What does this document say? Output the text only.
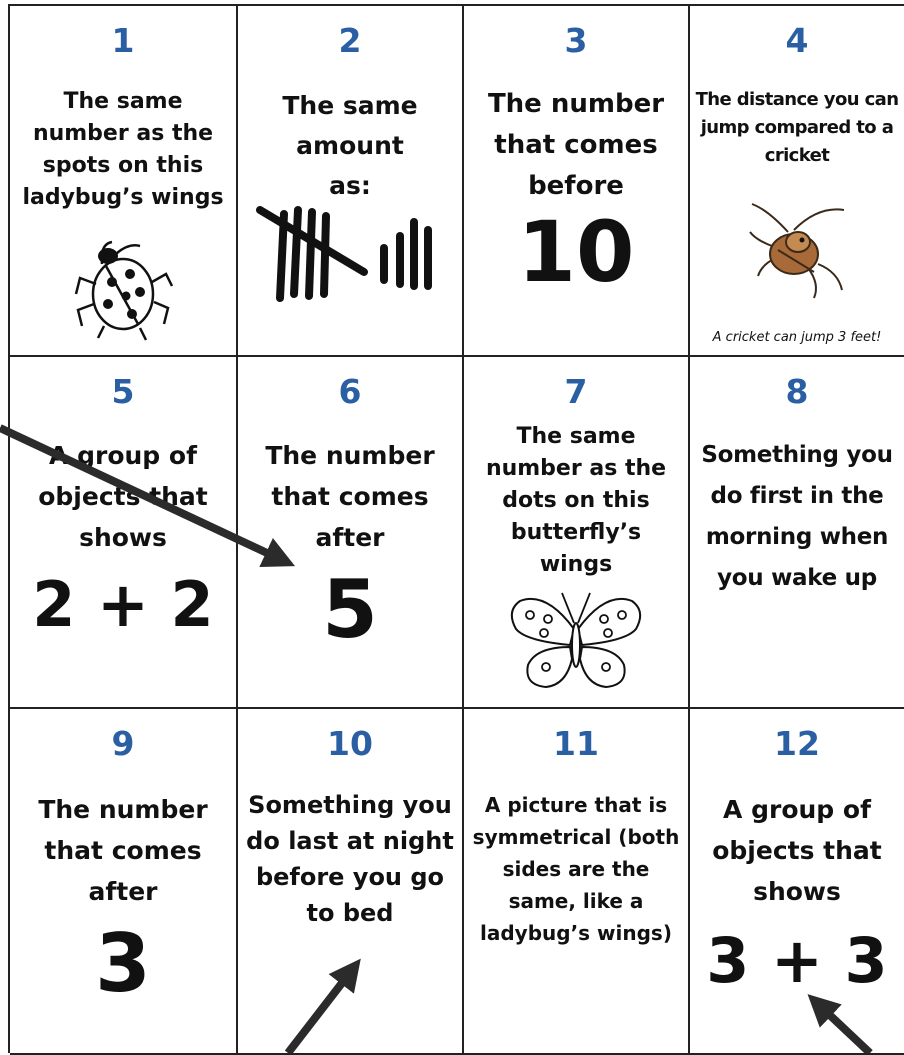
1
The same number as the spots on this ladybug’s wings
2
The same amount as:
3
The number that comes before
10
4
The distance you can jump compared to a cricket
A cricket can jump 3 feet!
5
A group of objects that shows
2 + 2
6
The number that comes after
5
7
The same number as the dots on this butterfly’s wings
8
Something you do first in the morning when you wake up
9
The number that comes after
3
10
Something you do last at night before you go to bed
11
A picture that is symmetrical (both sides are the same, like a ladybug’s wings)
12
A group of objects that shows
3 + 3
